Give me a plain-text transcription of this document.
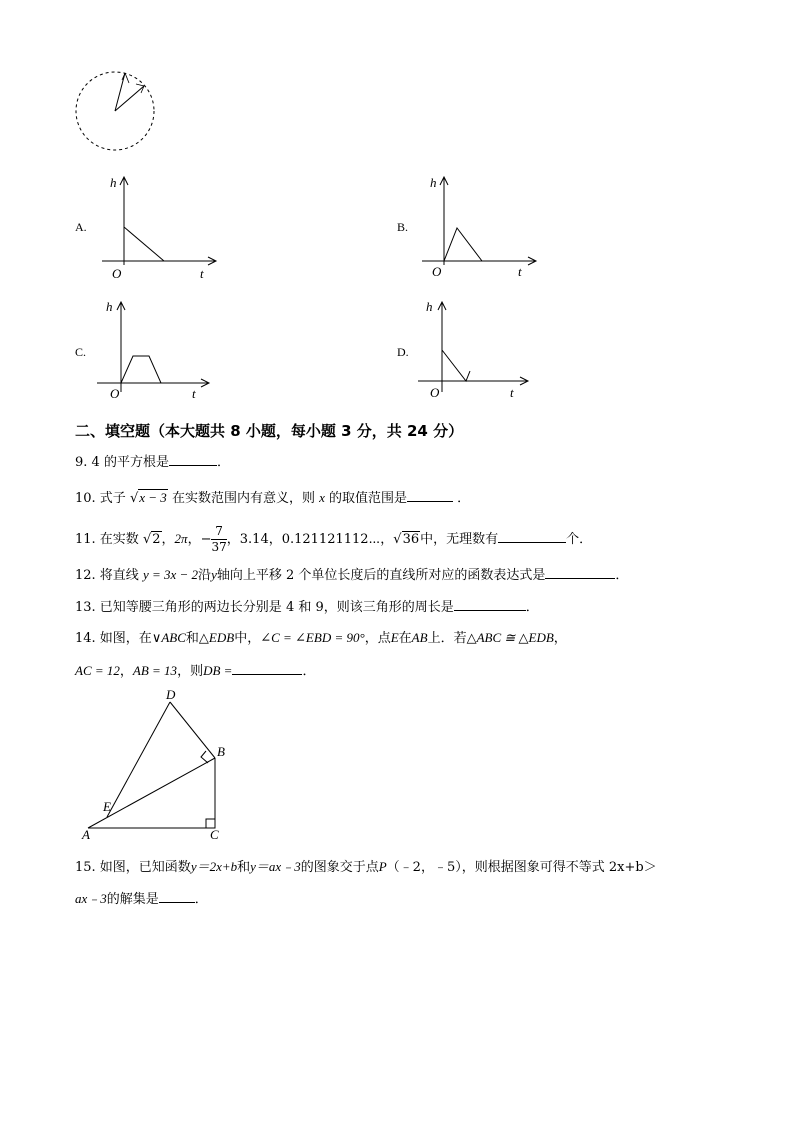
A.
h
O	t
B.
h
O	t
C.
h
O	t
D.
h
O	t
二、填空题（本大题共 8 小题，每小题 3 分，共 24 分）
9. 4 的平方根是	．
10. 式子 √x − 3 在实数范围内有意义，则 x 的取值范围是	．
11. 在实数 √2，2π，− $\frac{7}{37}$ ，3.14，0.121121112⋯，√36中，无理数有	个．
12. 将直线 y = 3x − 2沿y轴向上平移 2 个单位长度后的直线所对应的函数表达式是	．
13. 已知等腰三角形的两边长分别是 4 和 9，则该三角形的周长是	．
14. 如图，在∨ABC和△EDB中，∠C = ∠EBD = 90°，点E在AB上．若△ABC ≅ △EDB，
AC = 12，AB = 13，则DB =	．
D
B
E
A	C
15. 如图，已知函数y＝2x+b和y＝ax﹣3的图象交于点P（﹣2，﹣5），则根据图象可得不等式 2x+b＞
ax﹣3的解集是	．
